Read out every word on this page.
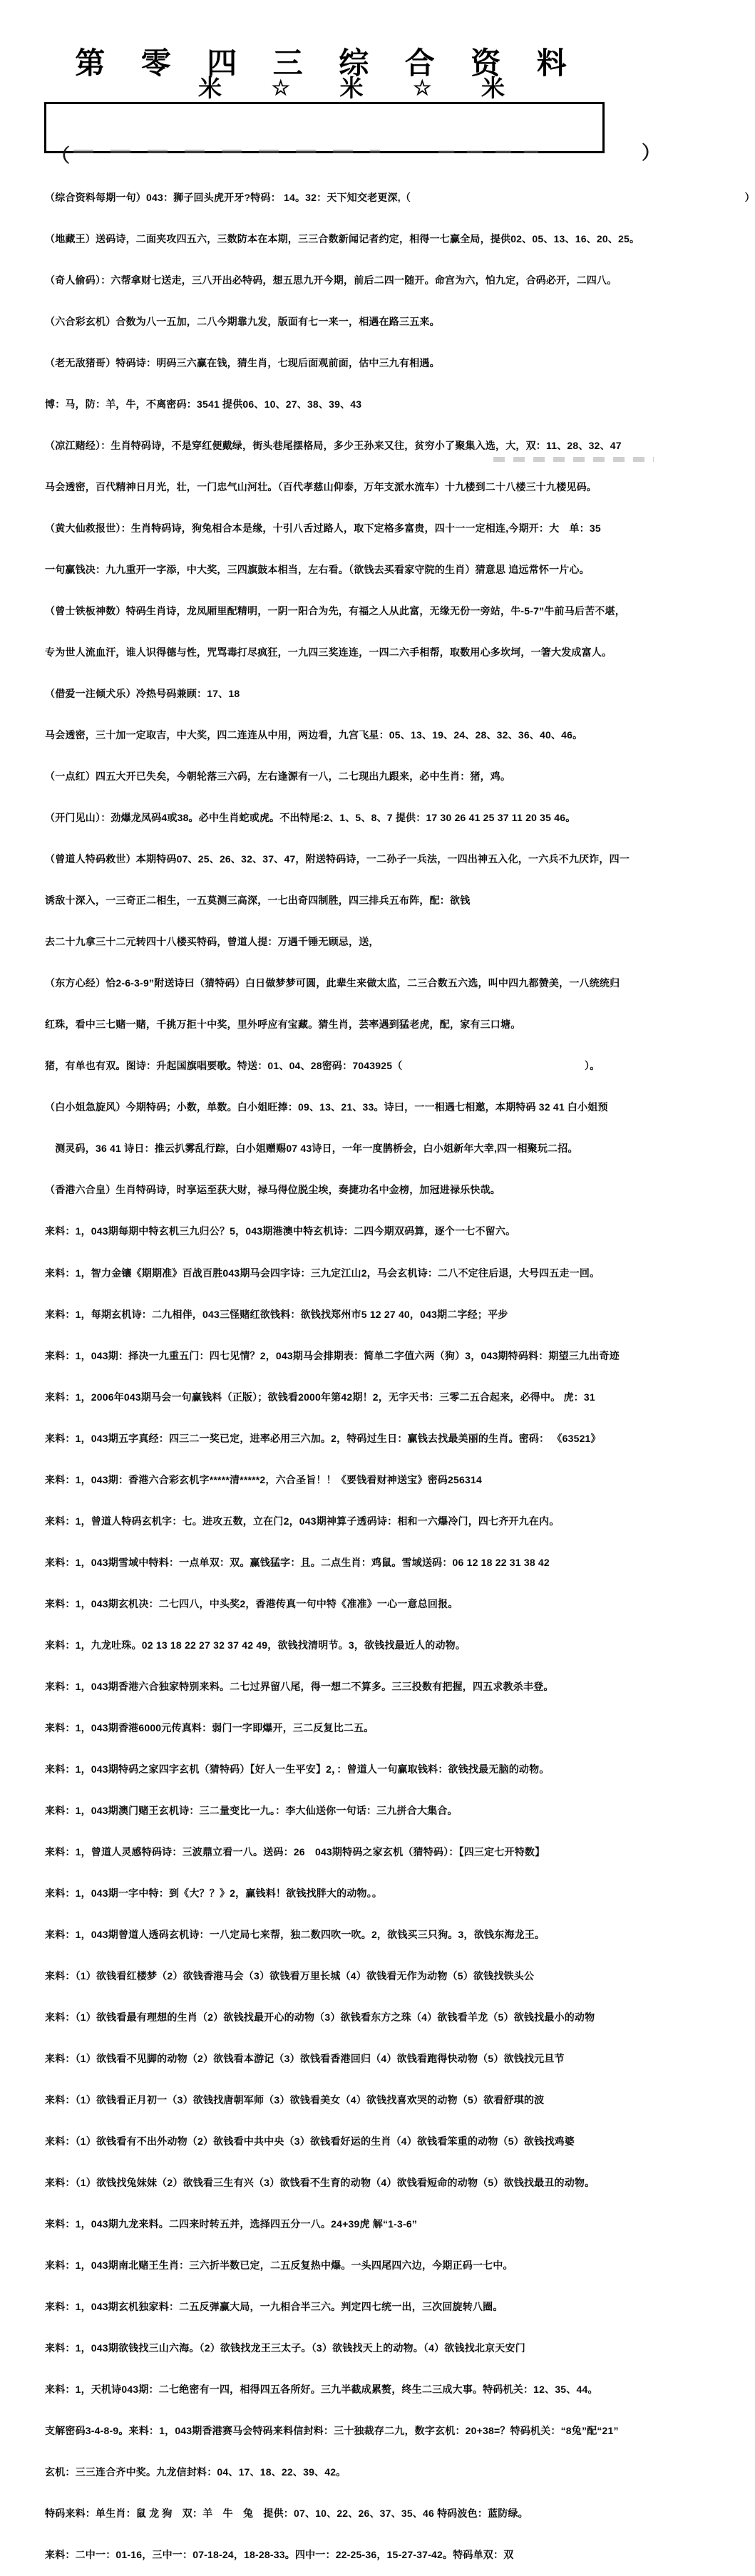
第 零 四 三 综 合 资 料
米 ☆ 米 ☆ 米
（	）

（综合资料每期一句）043：狮子回头虎开牙?特码： 14。32：天下知交老更深,（　　　　　　　　　　　　　　　　　　　　　　　　　　　　　　　　　）

（地藏王）送码诗，二面夹攻四五六，三数防本在本期，三三合数新闻记者约定，相得一七赢全局，提供02、05、13、16、20、25。

（奇人偷码）：六帮拿财七送走，三八开出必特码，想五思九开今期，前后二四一随开。命宫为六，怕九定，合码必开，二四八。

（六合彩玄机）合数为八一五加，二八今期靠九发，版面有七一来一，相遇在路三五来。

（老无敌猪哥）特码诗：明码三六赢在钱，猜生肖，七现后面观前面，估中三九有相遇。

博：马，防：羊，牛，不离密码：3541 提供06、10、27、38、39、43

（凉江赌经）：生肖特码诗，不是穿红便戴绿，街头巷尾摆格局，多少王孙来又往，贫穷小了聚集入选，大，双：11、28、32、47

马会透密，百代精神日月光，壮，一门忠气山河壮。（百代孝慈山仰泰，万年支派水流车）十九楼到二十八楼三十九楼见码。

（黄大仙救报世）：生肖特码诗，狗兔相合本是缘，十引八舌过路人，取下定格多富贵，四十一一定相连,今期开：大　单：35

一句赢钱决：九九重开一字添，中大奖，三四旗鼓本相当，左右看。（欲钱去买看家守院的生肖）猜意思 追远常怀一片心。

（曾士铁板神数）特码生肖诗，龙凤厢里配精明，一阴一阳合为先，有福之人从此富，无缘无份一旁站，牛-5-7”牛前马后苦不堪，

专为世人流血汗，谁人识得德与性，咒骂毒打尽疯狂，一九四三奖连连，一四二六手相帮，取数用心多坎坷，一箸大发成富人。

（借爱一注倾犬乐）冷热号码兼顾：17、18

马会透密，三十加一定取吉，中大奖，四二连连从中用，两边看，九宫飞星：05、13、19、24、28、32、36、40、46。

（一点红）四五大开已失矣，今朝轮落三六码，左右逢源有一八，二七现出九跟来，必中生肖：猪，鸡。

（开门见山）：劲爆龙凤码4或38。必中生肖蛇或虎。不出特尾:2、1、5、8、7 提供：17 30 26 41 25 37 11 20 35 46。

（曾道人特码救世）本期特码07、25、26、32、37、47，附送特码诗，一二孙子一兵法，一四出神五入化，一六兵不九厌诈，四一

诱敌十深入，一三奇正二相生，一五莫测三高深，一七出奇四制胜，四三排兵五布阵，配：欲钱

去二十九拿三十二元转四十八楼买特码，曾道人提：万遇千锤无顾忌，送，

（东方心经）恰2-6-3-9”附送诗曰（猜特码）白日做梦梦可圆，此辈生来做太监，二三合数五六选，叫中四九都赞美，一八统统归

红珠，看中三七赌一赌，千挑万拒十中奖，里外呼应有宝藏。猜生肖，芸率遇到猛老虎，配，家有三口塘。

猪，有单也有双。图诗：升起国旗唱要歌。特送：01、04、28密码：7043925（　　　　　　　　　　　　　　　　　　）。

（白小姐急旋风）今期特码；小数，单数。白小姐旺捧：09、13、21、33。诗曰，一一相遇七相邀，本期特码 32 41 白小姐预

　测灵码，36 41 诗日：推云扒雾乱行踪，白小姐赠赐07 43诗日，一年一度鹊桥会，白小姐新年大幸,四一相聚玩二招。

（香港六合皇）生肖特码诗，时享运至获大财，禄马得位脱尘埃，奏捷功名中金榜，加冠进禄乐快哉。

来料：1，043期每期中特玄机三九归公？5，043期港澳中特玄机诗：二四今期双码算，逐个一七不留六。

来料：1，智力金镶《期期准》百战百胜043期马会四字诗：三九定江山2，马会玄机诗：二八不定往后退，大号四五走一回。

来料：1，每期玄机诗：二九相伴，043三怪赌红欲钱料：欲钱找郑州市5 12 27 40，043期二字经；平步

来料：1，043期：择决一九重五门：四七见情？2，043期马会排期表：简单二字值六两（狗）3，043期特码料：期望三九出奇迹

来料：1，2006年043期马会一句赢钱料（正版）；欲钱看2000年第42期！2，无字天书：三零二五合起来，必得中。 虎：31

来料：1，043期五字真经：四三二一奖已定，进率必用三六加。2，特码过生日：赢钱去找最美丽的生肖。密码： 《63521》

来料：1，043期：香港六合彩玄机字*****清*****2，六合圣旨！！《要钱看财神送宝》密码256314

来料：1，曾道人特码玄机字：七。进攻五数，立在门2，043期神算子透码诗：相和一六爆冷门，四七齐开九在内。

来料：1，043期雪域中特料：一点单双：双。赢钱猛字：且。二点生肖：鸡鼠。雪域送码：06 12 18 22 31 38 42

来料：1，043期玄机决：二七四八，中头奖2，香港传真一句中特《准准》一心一意总回报。

来料：1，九龙吐珠。02 13 18 22 27 32 37 42 49，欲钱找清明节。3，欲钱找最近人的动物。

来料：1，043期香港六合独家特别来料。二七过界留八尾，得一想二不算多。三三投数有把握，四五求教杀丰登。

来料：1，043期香港6000元传真料：弱门一字即爆开，三二反复比二五。

来料：1，043期特码之家四字玄机（猜特码）【好人一生平安】2，：曾道人一句赢取钱料：欲钱找最无脑的动物。

来料：1，043期澳门赌王玄机诗：三二量变比一九。：李大仙送你一句话：三九拼合大集合。

来料：1，曾道人灵感特码诗：三波鼎立看一八。送码：26　043期特码之家玄机（猜特码）：【四三定七开特数】

来料：1，043期一字中特：到《大？？》2，赢钱料！欲钱找胖大的动物。。

来料：1，043期曾道人透码玄机诗：一八定局七来帮，独二数四吹一吹。2，欲钱买三只狗。3，欲钱东海龙王。

来料：（1）欲钱看红楼梦（2）欲钱香港马会（3）欲钱看万里长城（4）欲钱看无作为动物（5）欲钱找铁头公

来料：（1）欲钱看最有理想的生肖（2）欲钱找最开心的动物（3）欲钱看东方之珠（4）欲钱看羊龙（5）欲钱找最小的动物

来料：（1）欲钱看不见脚的动物（2）欲钱看本游记（3）欲钱看香港回归（4）欲钱看跑得快动物（5）欲钱找元旦节

来料：（1）欲钱看正月初一（3）欲钱找唐朝军师（3）欲钱看美女（4）欲钱找喜欢哭的动物（5）欲看舒琪的波

来料：（1）欲钱看有不出外动物（2）欲钱看中共中央（3）欲钱看好运的生肖（4）欲钱看笨重的动物（5）欲钱找鸡婆

来料：（1）欲钱找兔妹妹（2）欲钱看三生有兴（3）欲钱看不生育的动物（4）欲钱看短命的动物（5）欲钱找最丑的动物。

来料：1，043期九龙来料。二四来时转五并，选择四五分一八。24+39虎 解“1-3-6”

来料：1，043期南北赌王生肖：三六折半数已定，二五反复热中爆。一头四尾四六边，今期正码一七中。

来料：1，043期玄机独家料：二五反弹赢大局，一九相合半三六。判定四七统一出，三次回旋转八圈。

来料：1，043期欲钱找三山六海。（2）欲钱找龙王三太子。（3）欲钱找天上的动物。（4）欲钱找北京天安门

来料：1，天机诗043期：二七绝密有一四，相得四五各所好。三九半截成累赘，终生二三成大事。特码机关：12、35、44。

支解密码3-4-8-9。来料：1，043期香港赛马会特码来料信封料：三十独裁存二九，数字玄机：20+38=？特码机关：“8兔”配“21”

玄机：三三连合齐中奖。九龙信封料：04、17、18、22、39、42。

特码来料：单生肖：鼠 龙 狗　双：羊　牛　兔　提供：07、10、22、26、37、35、46 特码波色：蓝防绿。

来料：二中一：01-16，三中一：07-18-24，18-28-33。四中一：22-25-36，15-27-37-42。特码单双：双
